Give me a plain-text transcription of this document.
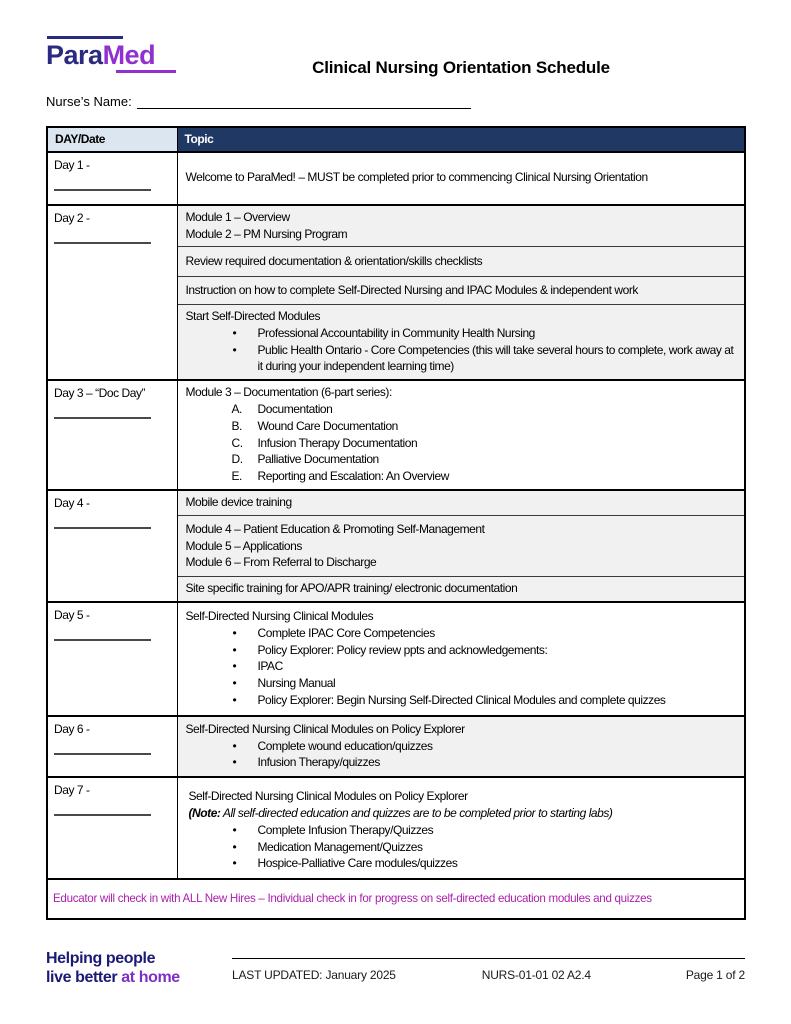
ParaMed	Clinical Nursing Orientation Schedule
Nurse’s Name:
DAY/Date	Topic

Day 1 -	Welcome to ParaMed! – MUST be completed prior to commencing Clinical Nursing Orientation

Day 2 -	Module 1 – Overview
Module 2 – PM Nursing Program

	Review required documentation & orientation/skills checklists

	Instruction on how to complete Self-Directed Nursing and IPAC Modules & independent work

	Start Self-Directed Modules
• Professional Accountability in Community Health Nursing
• Public Health Ontario - Core Competencies (this will take several hours to complete, work away at it during your independent learning time)

Day 3 – “Doc Day”	Module 3 – Documentation (6-part series):
A. Documentation
B. Wound Care Documentation
C. Infusion Therapy Documentation
D. Palliative Documentation
E. Reporting and Escalation: An Overview

Day 4 -	Mobile device training

	Module 4 – Patient Education & Promoting Self-Management
Module 5 – Applications
Module 6 – From Referral to Discharge

	Site specific training for APO/APR training/ electronic documentation

Day 5 -	Self-Directed Nursing Clinical Modules
• Complete IPAC Core Competencies
• Policy Explorer: Policy review ppts and acknowledgements:
• IPAC
• Nursing Manual
• Policy Explorer: Begin Nursing Self-Directed Clinical Modules and complete quizzes

Day 6 -	Self-Directed Nursing Clinical Modules on Policy Explorer
• Complete wound education/quizzes
• Infusion Therapy/quizzes

Day 7 -	Self-Directed Nursing Clinical Modules on Policy Explorer
(Note: All self-directed education and quizzes are to be completed prior to starting labs)
• Complete Infusion Therapy/Quizzes
• Medication Management/Quizzes
• Hospice-Palliative Care modules/quizzes

Educator will check in with ALL New Hires – Individual check in for progress on self-directed education modules and quizzes	
Helping people
live better at home	LAST UPDATED: January 2025	NURS-01-01 02 A2.4	Page 1 of 2
